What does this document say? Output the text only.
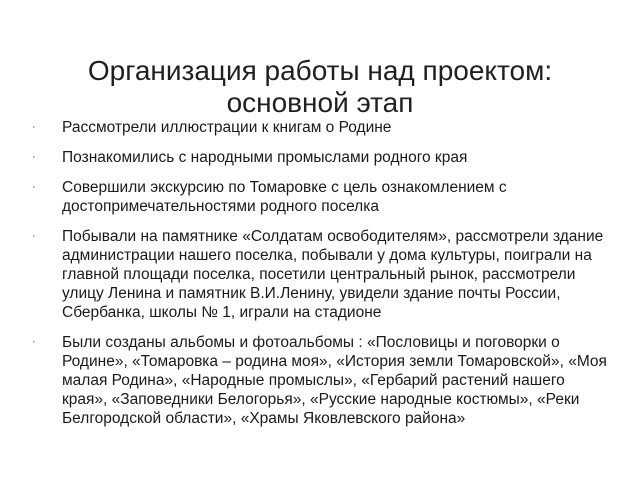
Организация работы над проектом: основной этап
· Рассмотрели иллюстрации к книгам о Родине
· Познакомились с народными промыслами родного края
· Совершили экскурсию по Томаровке с цель ознакомлением с достопримечательностями родного поселка
· Побывали на памятнике «Солдатам освободителям», рассмотрели здание администрации нашего поселка, побывали у дома культуры, поиграли на главной площади поселка, посетили центральный рынок, рассмотрели улицу Ленина и памятник В.И.Ленину, увидели здание почты России, Сбербанка, школы № 1, играли на стадионе
· Были созданы альбомы и фотоальбомы : «Пословицы и поговорки о Родине», «Томаровка – родина моя», «История земли Томаровской», «Моя малая Родина», «Народные промыслы», «Гербарий растений нашего края», «Заповедники Белогорья», «Русские народные костюмы», «Реки Белгородской области», «Храмы Яковлевского района»
